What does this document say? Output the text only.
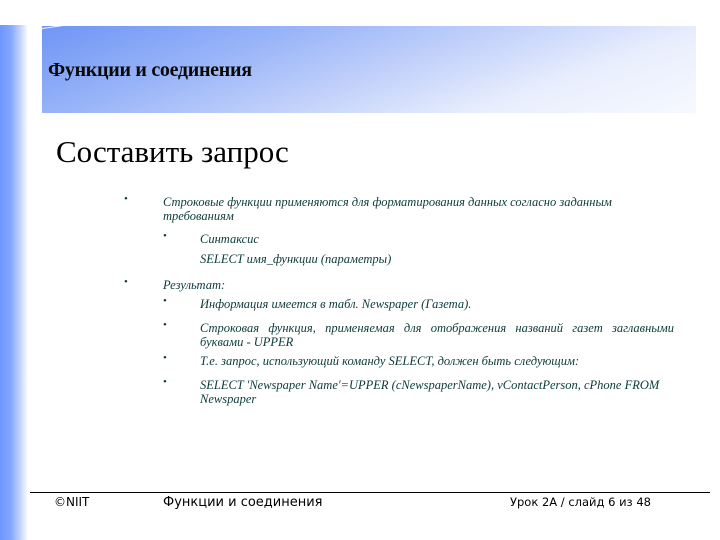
Функции и соединения
Составить запрос
•	Строковые функции применяются для форматирования данных согласно заданным требованиям
•	Синтаксис
SELECT имя_функции (параметры)
•	Результат:
•	Информация имеется в табл. Newspaper (Газета).
•	Строковая функция, применяемая для отображения названий газет заглавными буквами - UPPER
•	Т.е. запрос, использующий команду SELECT, должен быть следующим:
•	SELECT 'Newspaper Name'=UPPER (cNewspaperName), vContactPerson, cPhone FROM Newspaper
©NIIT	Функции и соединения	Урок 2A / слайд 6 из 48
